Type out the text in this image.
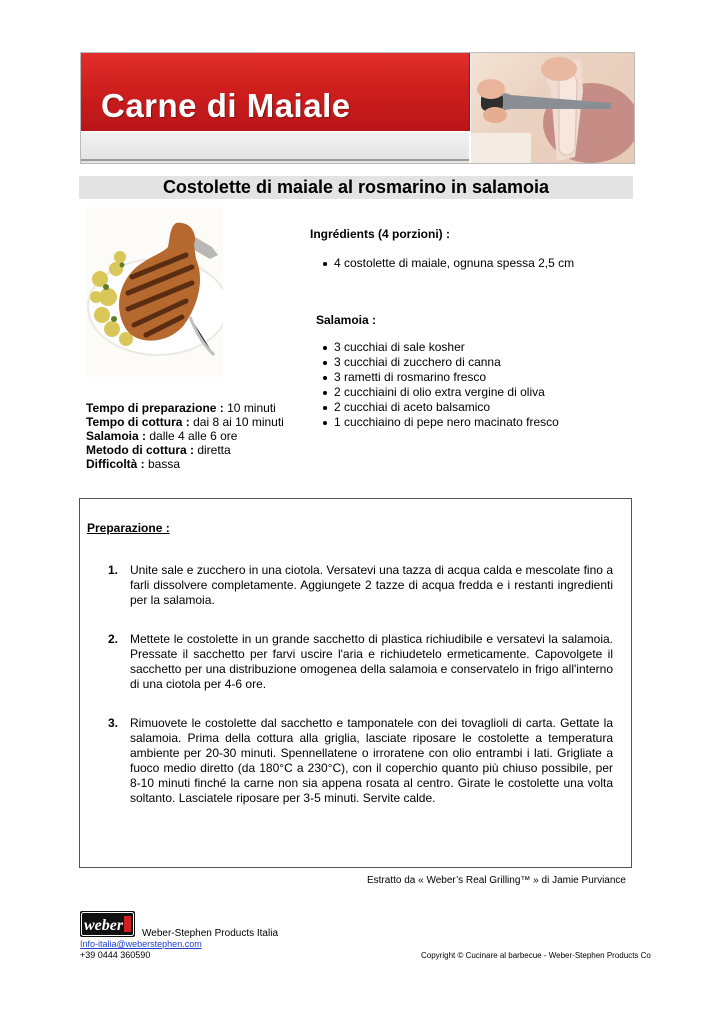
Carne di Maiale
Costolette di maiale al rosmarino in salamoia
Tempo di preparazione : 10 minuti
Tempo di cottura : dai 8 ai 10 minuti
Salamoia : dalle 4 alle 6 ore
Metodo di cottura : diretta
Difficoltà : bassa
Ingrédients (4 porzioni) :
4 costolette di maiale, ognuna spessa 2,5 cm
Salamoia :
3 cucchiai di sale kosher
3 cucchiai di zucchero di canna
3 rametti di rosmarino fresco
2 cucchiaini di olio extra vergine di oliva
2 cucchiai di aceto balsamico
1 cucchiaino di pepe nero macinato fresco
Preparazione :
1. Unite sale e zucchero in una ciotola. Versatevi una tazza di acqua calda e mescolate fino a farli dissolvere completamente. Aggiungete 2 tazze di acqua fredda e i restanti ingredienti per la salamoia.
2. Mettete le costolette in un grande sacchetto di plastica richiudibile e versatevi la salamoia. Pressate il sacchetto per farvi uscire l'aria e richiudetelo ermeticamente. Capovolgete il sacchetto per una distribuzione omogenea della salamoia e conservatelo in frigo all'interno di una ciotola per 4-6 ore.
3. Rimuovete le costolette dal sacchetto e tamponatele con dei tovaglioli di carta. Gettate la salamoia. Prima della cottura alla griglia, lasciate riposare le costolette a temperatura ambiente per 20-30 minuti. Spennellatene o irroratene con olio entrambi i lati. Grigliate a fuoco medio diretto (da 180°C a 230°C), con il coperchio quanto più chiuso possibile, per 8-10 minuti finché la carne non sia appena rosata al centro. Girate le costolette una volta soltanto. Lasciatele riposare per 3-5 minuti. Servite calde.
Estratto da « Weber’s Real Grilling™ » di Jamie Purviance
weber Weber-Stephen Products Italia
Info-italia@weberstephen.com
+39 0444 360590	Copyright © Cucinare al barbecue - Weber-Stephen Products Co
